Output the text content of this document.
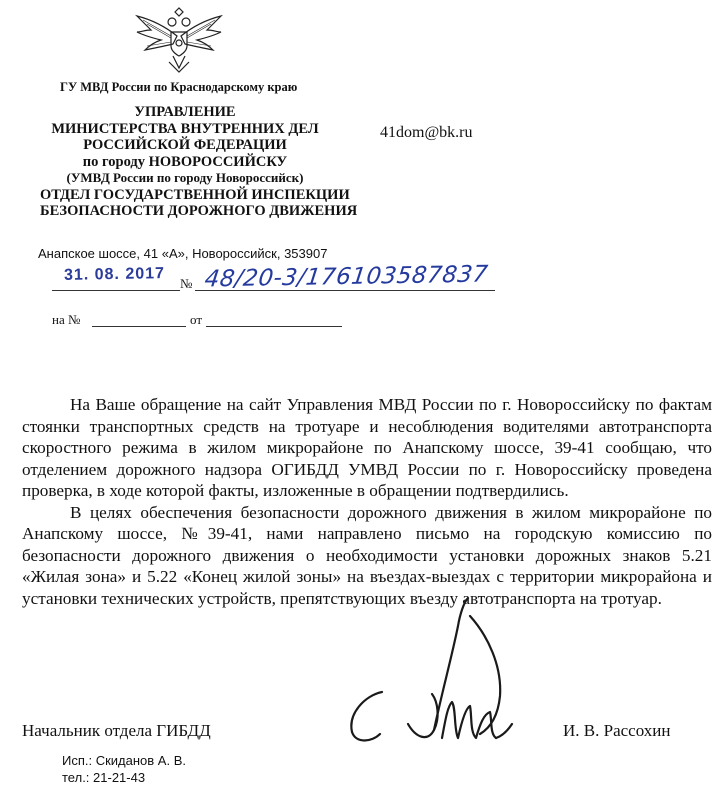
ГУ МВД России по Краснодарскому краю
УПРАВЛЕНИЕ
МИНИСТЕРСТВА ВНУТРЕННИХ ДЕЛ
РОССИЙСКОЙ ФЕДЕРАЦИИ
по городу НОВОРОССИЙСКУ
(УМВД России по городу Новороссийск)
ОТДЕЛ ГОСУДАРСТВЕННОЙ ИНСПЕКЦИИ
БЕЗОПАСНОСТИ ДОРОЖНОГО ДВИЖЕНИЯ
41dom@bk.ru
Анапское шоссе, 41 «А», Новороссийск, 353907
31. 08. 2017 № 48/20-3/176103587837
на №	от

На Ваше обращение на сайт Управления МВД России по г. Новороссийску по фактам стоянки транспортных средств на тротуаре и несоблюдения водителями автотранспорта скоростного режима в жилом микрорайоне по Анапскому шоссе, 39-41 сообщаю, что отделением дорожного надзора ОГИБДД УМВД России по г. Новороссийску проведена проверка, в ходе которой факты, изложенные в обращении подтвердились.

В целях обеспечения безопасности дорожного движения в жилом микрорайоне по Анапскому шоссе, №39-41, нами направлено письмо на городскую комиссию по безопасности дорожного движения о необходимости установки дорожных знаков 5.21 «Жилая зона» и 5.22 «Конец жилой зоны» на въездах-выездах с территории микрорайона и установки технических устройств, препятствующих въезду автотранспорта на тротуар.

Начальник отдела ГИБДД	И. В. Рассохин
Исп.: Скиданов А. В.
тел.: 21-21-43
